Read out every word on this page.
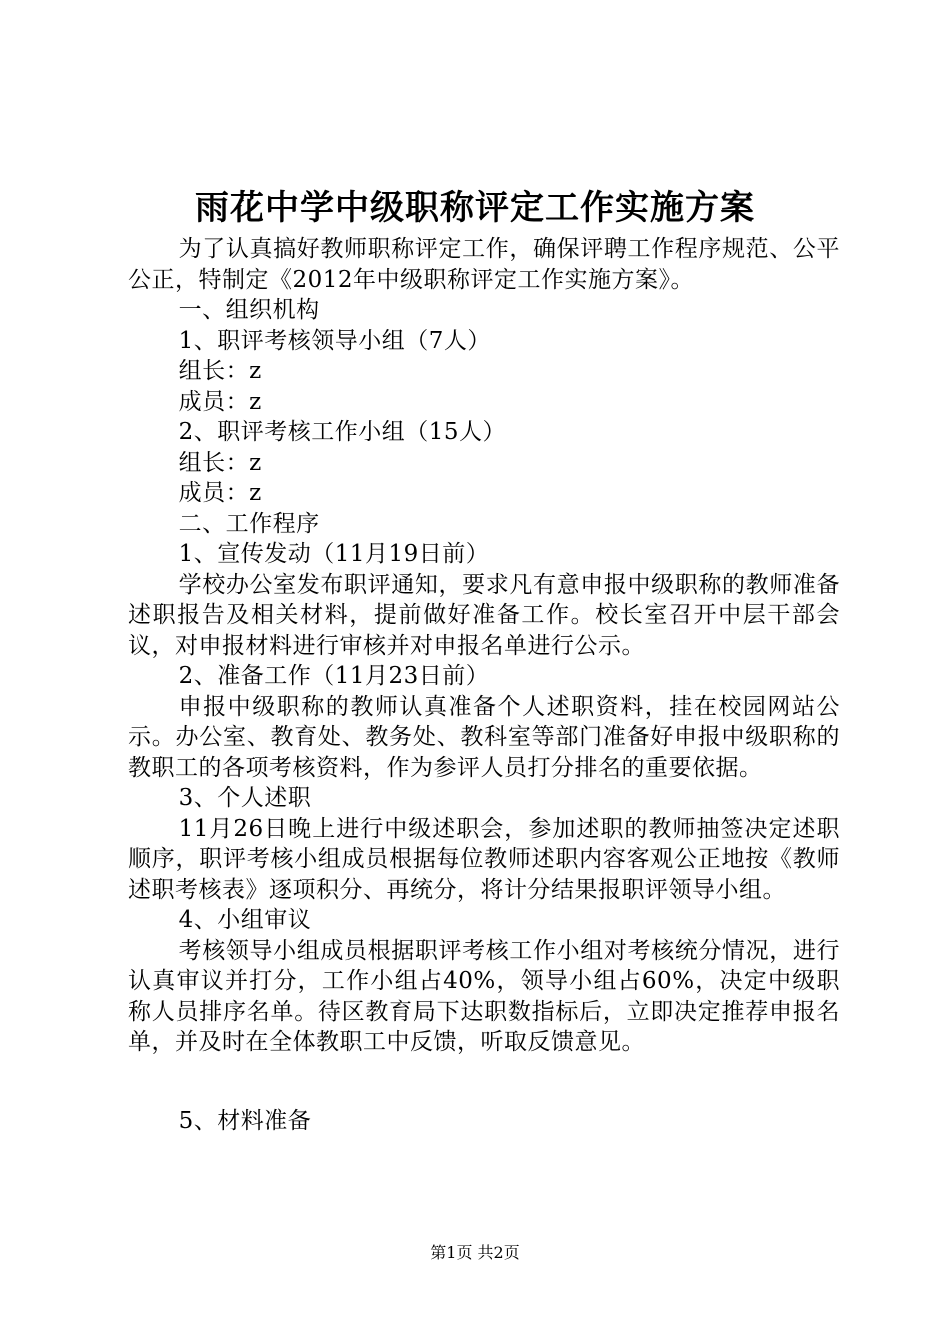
雨花中学中级职称评定工作实施方案

为了认真搞好教师职称评定工作，确保评聘工作程序规范、公平公正，特制定《2012年中级职称评定工作实施方案》。

一、组织机构

1、职评考核领导小组（7人）

组长：z

成员：z

2、职评考核工作小组（15人）

组长：z

成员：z

二、工作程序

1、宣传发动（11月19日前）

学校办公室发布职评通知，要求凡有意申报中级职称的教师准备述职报告及相关材料，提前做好准备工作。校长室召开中层干部会议，对申报材料进行审核并对申报名单进行公示。

2、准备工作（11月23日前）

申报中级职称的教师认真准备个人述职资料，挂在校园网站公示。办公室、教育处、教务处、教科室等部门准备好申报中级职称的教职工的各项考核资料，作为参评人员打分排名的重要依据。

3、个人述职

11月26日晚上进行中级述职会，参加述职的教师抽签决定述职顺序，职评考核小组成员根据每位教师述职内容客观公正地按《教师述职考核表》逐项积分、再统分，将计分结果报职评领导小组。

4、小组审议

考核领导小组成员根据职评考核工作小组对考核统分情况，进行认真审议并打分，工作小组占40%，领导小组占60%，决定中级职称人员排序名单。待区教育局下达职数指标后，立即决定推荐申报名单，并及时在全体教职工中反馈，听取反馈意见。

5、材料准备

第1页 共2页
